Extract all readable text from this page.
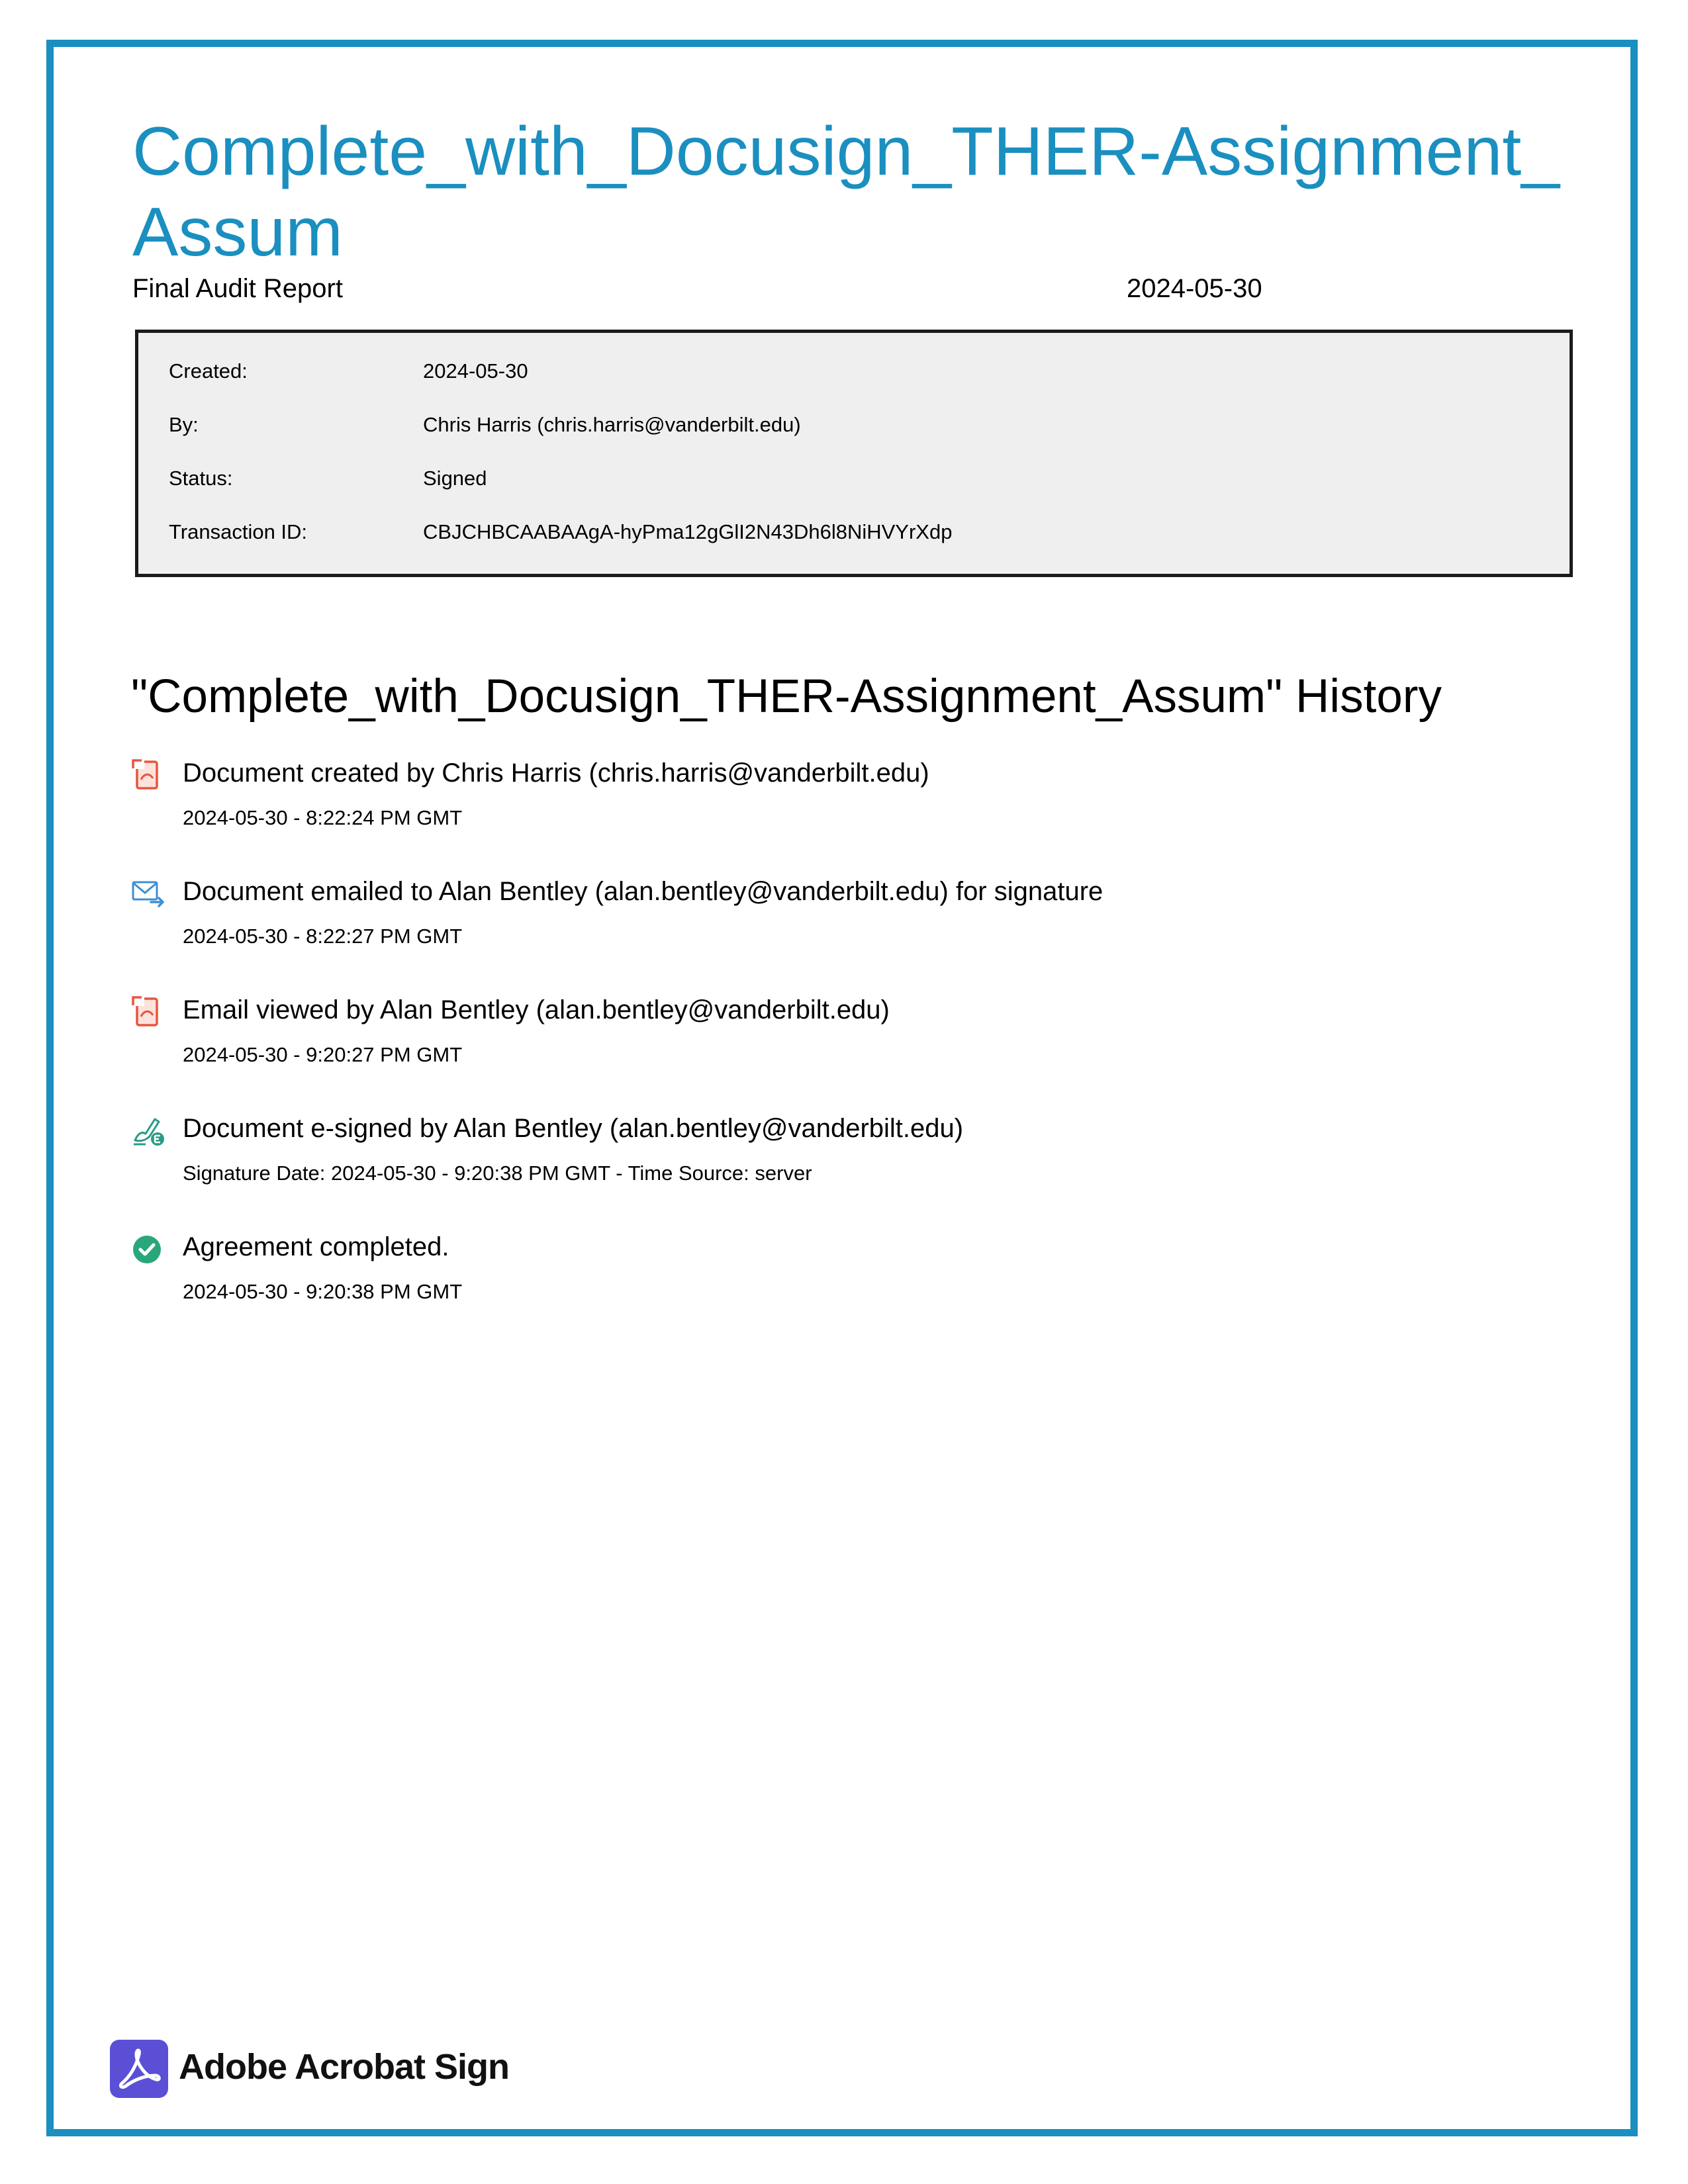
Complete_with_Docusign_THER-Assignment_Assum
Final Audit Report	2024-05-30
Created:	2024-05-30
By:	Chris Harris (chris.harris@vanderbilt.edu)
Status:	Signed
Transaction ID:	CBJCHBCAABAAgA-hyPma12gGlI2N43Dh6l8NiHVYrXdp
"Complete_with_Docusign_THER-Assignment_Assum" History
Document created by Chris Harris (chris.harris@vanderbilt.edu)
2024-05-30 - 8:22:24 PM GMT
Document emailed to Alan Bentley (alan.bentley@vanderbilt.edu) for signature
2024-05-30 - 8:22:27 PM GMT
Email viewed by Alan Bentley (alan.bentley@vanderbilt.edu)
2024-05-30 - 9:20:27 PM GMT
Document e-signed by Alan Bentley (alan.bentley@vanderbilt.edu)
Signature Date: 2024-05-30 - 9:20:38 PM GMT - Time Source: server
Agreement completed.
2024-05-30 - 9:20:38 PM GMT
Adobe Acrobat Sign
